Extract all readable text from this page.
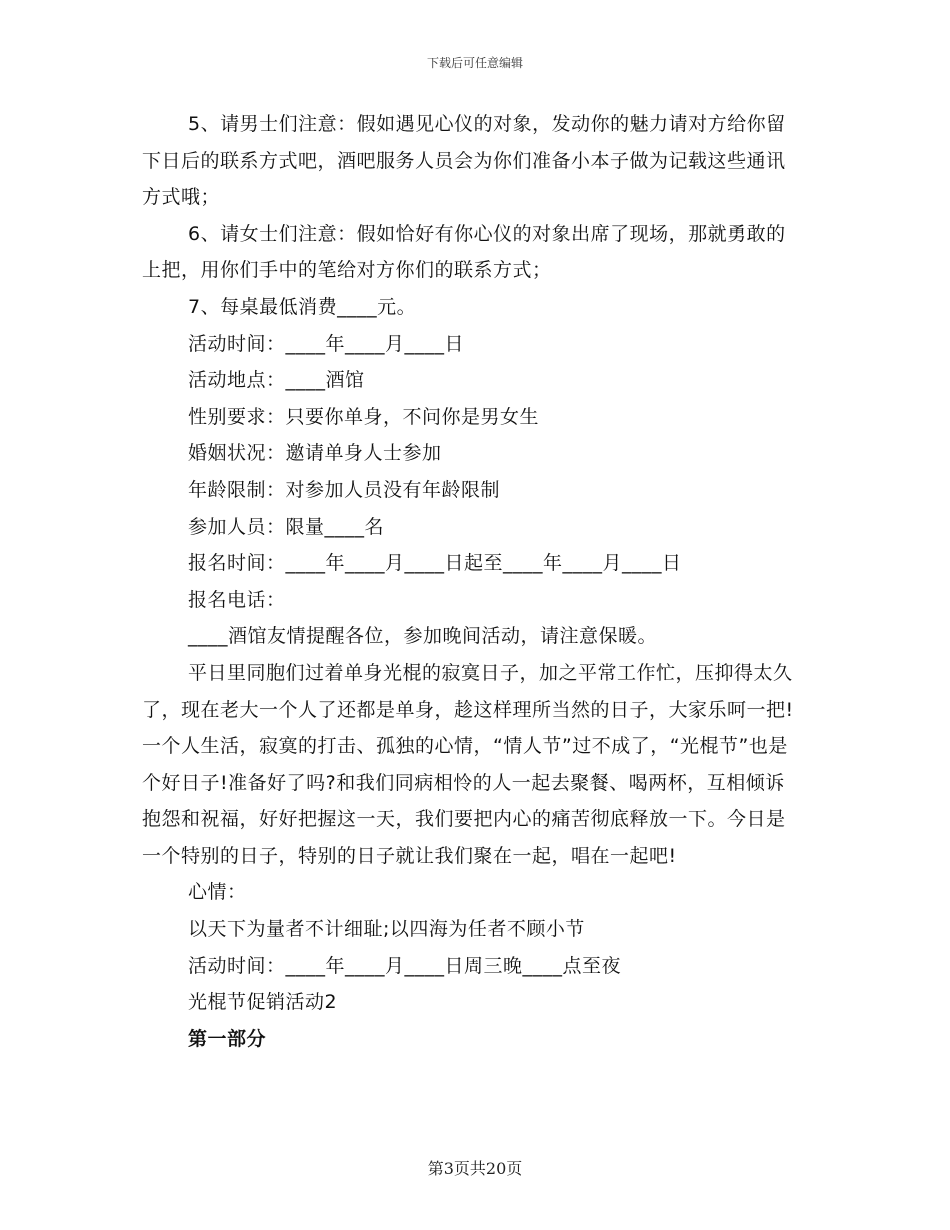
下载后可任意编辑

5、请男士们注意：假如遇见心仪的对象，发动你的魅力请对方给你留下日后的联系方式吧，酒吧服务人员会为你们准备小本子做为记载这些通讯方式哦；

6、请女士们注意：假如恰好有你心仪的对象出席了现场，那就勇敢的上把，用你们手中的笔给对方你们的联系方式；

7、每桌最低消费____元。

活动时间：____年____月____日

活动地点：____酒馆

性别要求：只要你单身，不问你是男女生

婚姻状况：邀请单身人士参加

年龄限制：对参加人员没有年龄限制

参加人员：限量____名

报名时间：____年____月____日起至____年____月____日

报名电话：

____酒馆友情提醒各位，参加晚间活动，请注意保暖。

平日里同胞们过着单身光棍的寂寞日子，加之平常工作忙，压抑得太久了，现在老大一个人了还都是单身，趁这样理所当然的日子，大家乐呵一把!一个人生活，寂寞的打击、孤独的心情，“情人节”过不成了，“光棍节”也是个好日子!准备好了吗?和我们同病相怜的人一起去聚餐、喝两杯，互相倾诉抱怨和祝福，好好把握这一天，我们要把内心的痛苦彻底释放一下。今日是一个特别的日子，特别的日子就让我们聚在一起，唱在一起吧!

心情：

以天下为量者不计细耻;以四海为任者不顾小节

活动时间：____年____月____日周三晚____点至夜

光棍节促销活动2

第一部分

第3页共20页
